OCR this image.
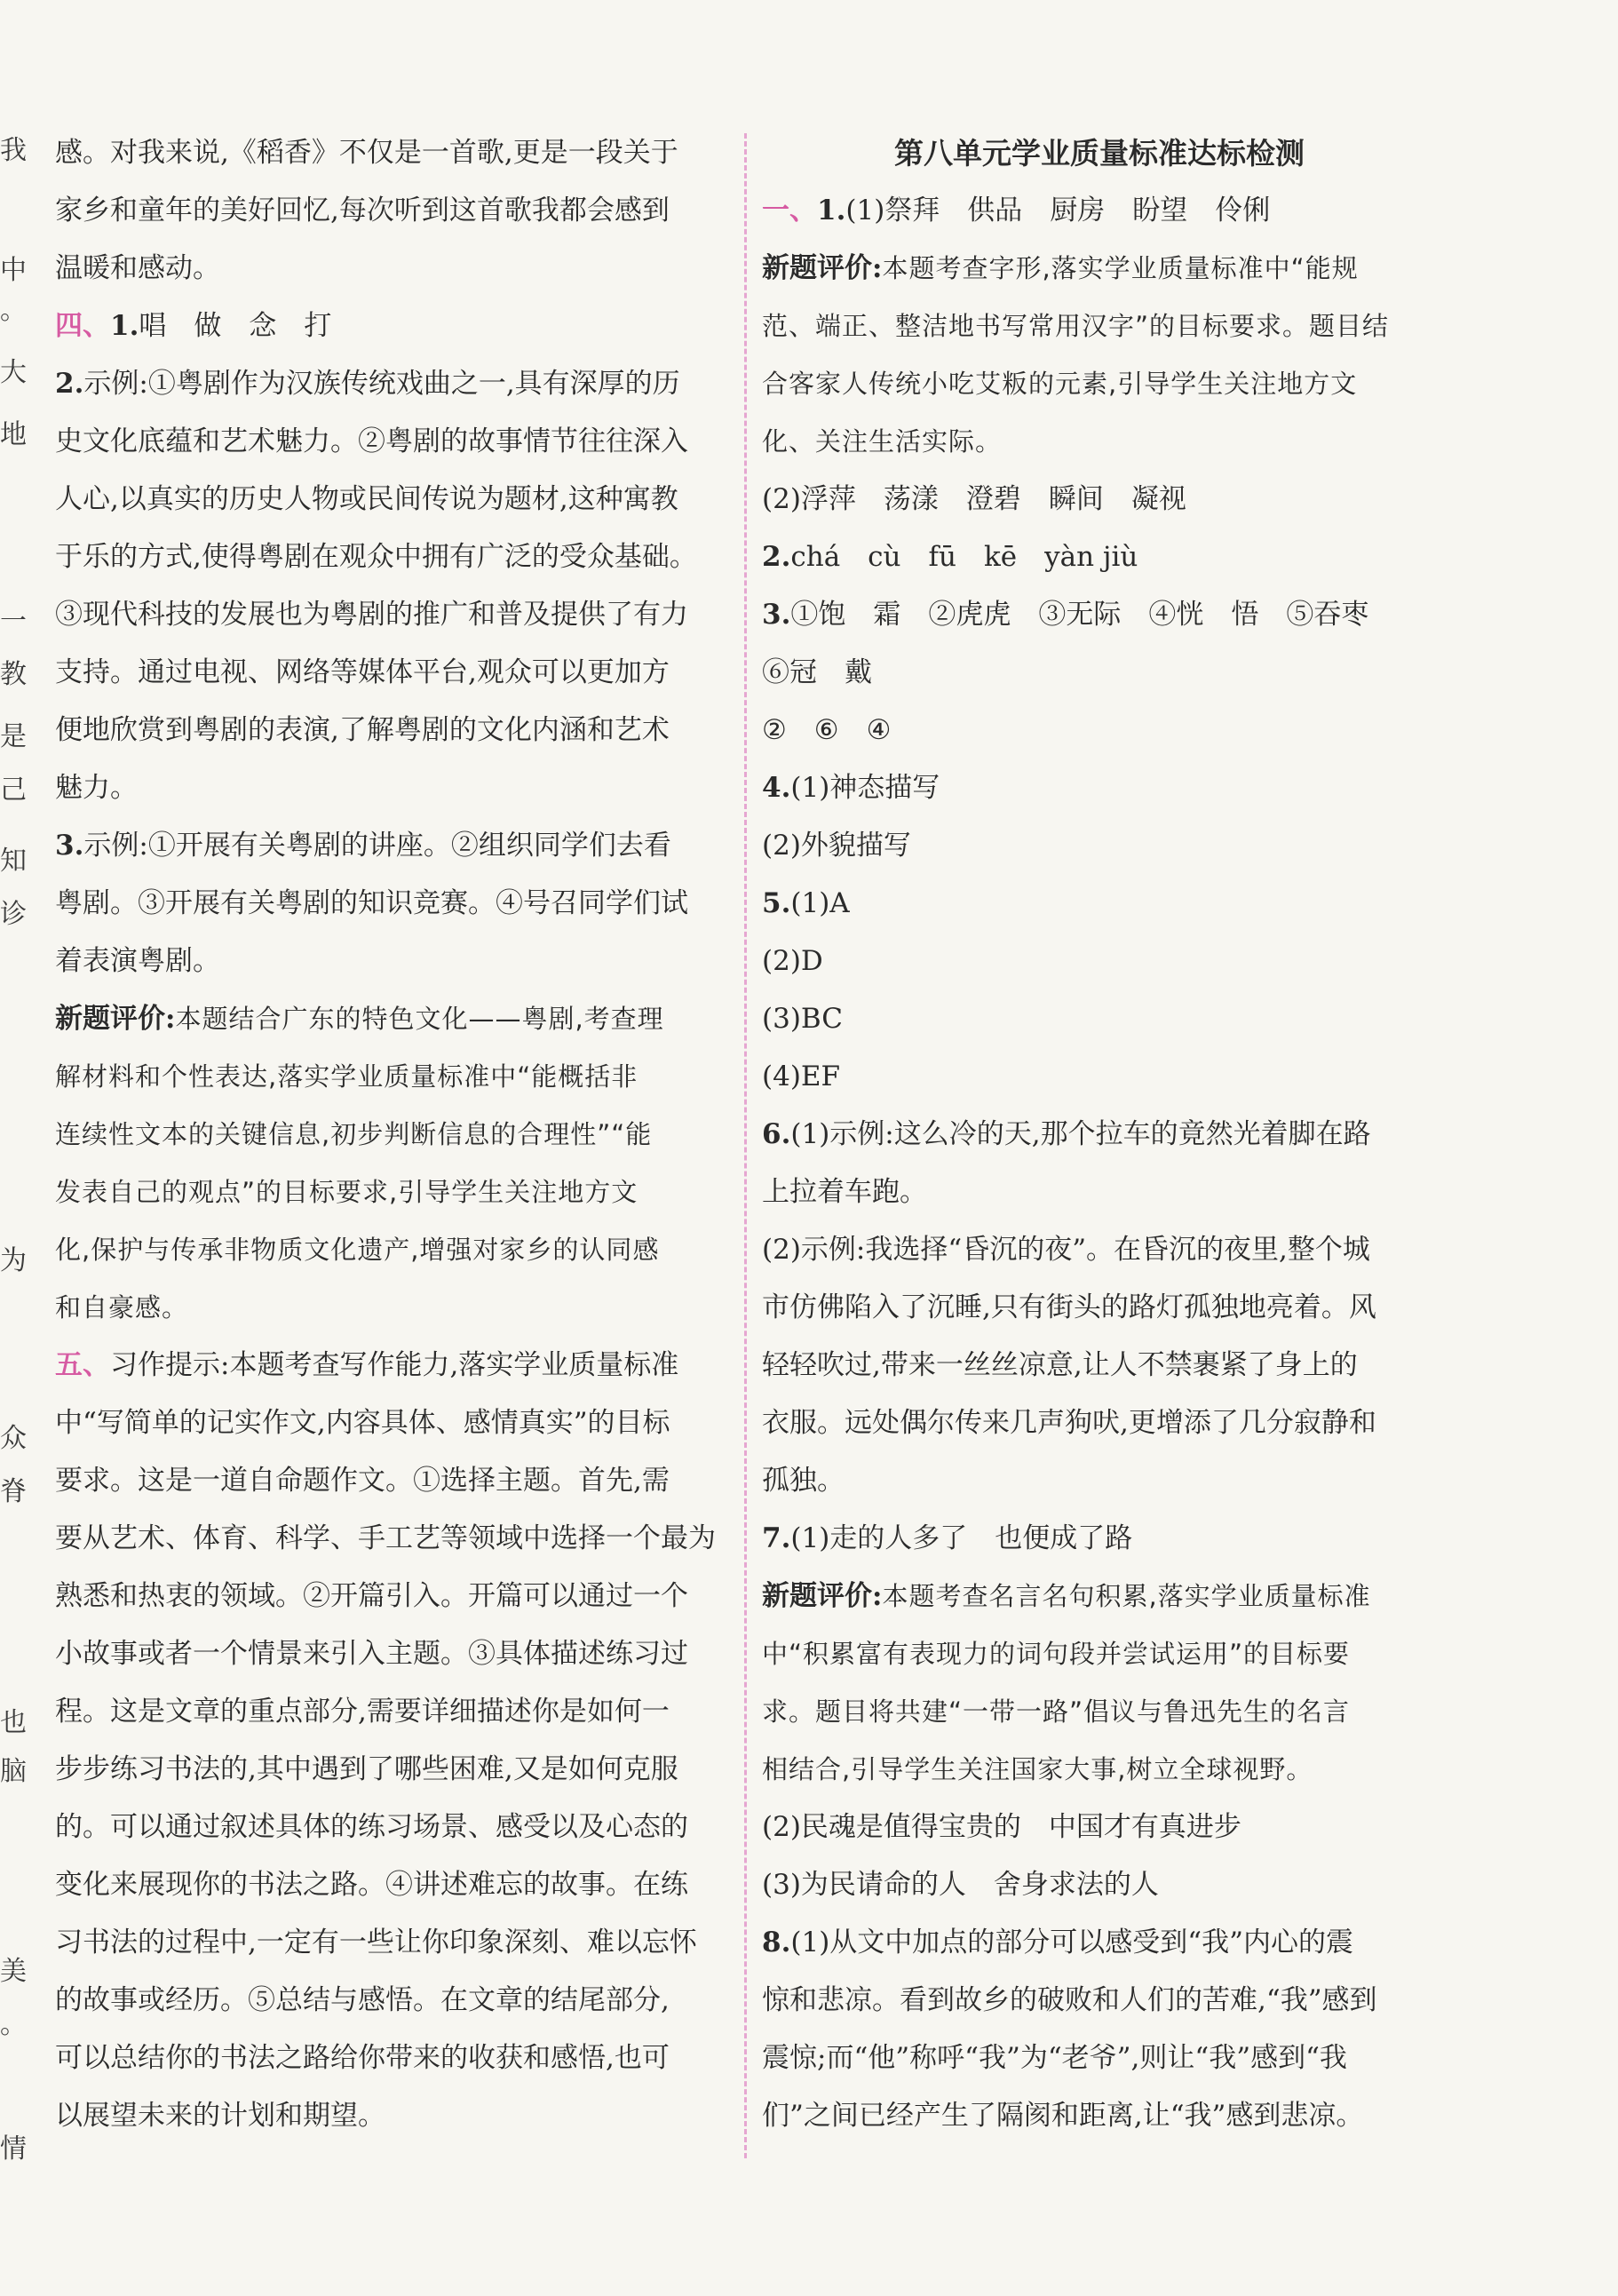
我
中
。
大
地
一
教
是
己
知
诊
为
众
脊
也
脑
美
。
情
感。对我来说,《稻香》不仅是一首歌,更是一段关于
家乡和童年的美好回忆,每次听到这首歌我都会感到
温暖和感动。
四、1.唱　做　念　打
2.示例:①粤剧作为汉族传统戏曲之一,具有深厚的历
史文化底蕴和艺术魅力。②粤剧的故事情节往往深入
人心,以真实的历史人物或民间传说为题材,这种寓教
于乐的方式,使得粤剧在观众中拥有广泛的受众基础。
③现代科技的发展也为粤剧的推广和普及提供了有力
支持。通过电视、网络等媒体平台,观众可以更加方
便地欣赏到粤剧的表演,了解粤剧的文化内涵和艺术
魅力。
3.示例:①开展有关粤剧的讲座。②组织同学们去看
粤剧。③开展有关粤剧的知识竞赛。④号召同学们试
着表演粤剧。
新题评价:本题结合广东的特色文化——粤剧,考查理
解材料和个性表达,落实学业质量标准中“能概括非
连续性文本的关键信息,初步判断信息的合理性”“能
发表自己的观点”的目标要求,引导学生关注地方文
化,保护与传承非物质文化遗产,增强对家乡的认同感
和自豪感。
五、习作提示:本题考查写作能力,落实学业质量标准
中“写简单的记实作文,内容具体、感情真实”的目标
要求。这是一道自命题作文。①选择主题。首先,需
要从艺术、体育、科学、手工艺等领域中选择一个最为
熟悉和热衷的领域。②开篇引入。开篇可以通过一个
小故事或者一个情景来引入主题。③具体描述练习过
程。这是文章的重点部分,需要详细描述你是如何一
步步练习书法的,其中遇到了哪些困难,又是如何克服
的。可以通过叙述具体的练习场景、感受以及心态的
变化来展现你的书法之路。④讲述难忘的故事。在练
习书法的过程中,一定有一些让你印象深刻、难以忘怀
的故事或经历。⑤总结与感悟。在文章的结尾部分,
可以总结你的书法之路给你带来的收获和感悟,也可
以展望未来的计划和期望。
第八单元学业质量标准达标检测
一、1.(1)祭拜　供品　厨房　盼望　伶俐
新题评价:本题考查字形,落实学业质量标准中“能规
范、端正、整洁地书写常用汉字”的目标要求。题目结
合客家人传统小吃艾粄的元素,引导学生关注地方文
化、关注生活实际。
(2)浮萍　荡漾　澄碧　瞬间　凝视
2.chá　cù　fū　kē　yàn jiù
3.①饱　霜　②虎虎　③无际　④恍　悟　⑤吞枣
⑥冠　戴
②　⑥　④
4.(1)神态描写
(2)外貌描写
5.(1)A
(2)D
(3)BC
(4)EF
6.(1)示例:这么冷的天,那个拉车的竟然光着脚在路
上拉着车跑。
(2)示例:我选择“昏沉的夜”。在昏沉的夜里,整个城
市仿佛陷入了沉睡,只有街头的路灯孤独地亮着。风
轻轻吹过,带来一丝丝凉意,让人不禁裹紧了身上的
衣服。远处偶尔传来几声狗吠,更增添了几分寂静和
孤独。
7.(1)走的人多了　也便成了路
新题评价:本题考查名言名句积累,落实学业质量标准
中“积累富有表现力的词句段并尝试运用”的目标要
求。题目将共建“一带一路”倡议与鲁迅先生的名言
相结合,引导学生关注国家大事,树立全球视野。
(2)民魂是值得宝贵的　中国才有真进步
(3)为民请命的人　舍身求法的人
8.(1)从文中加点的部分可以感受到“我”内心的震
惊和悲凉。看到故乡的破败和人们的苦难,“我”感到
震惊;而“他”称呼“我”为“老爷”,则让“我”感到“我
们”之间已经产生了隔阂和距离,让“我”感到悲凉。
